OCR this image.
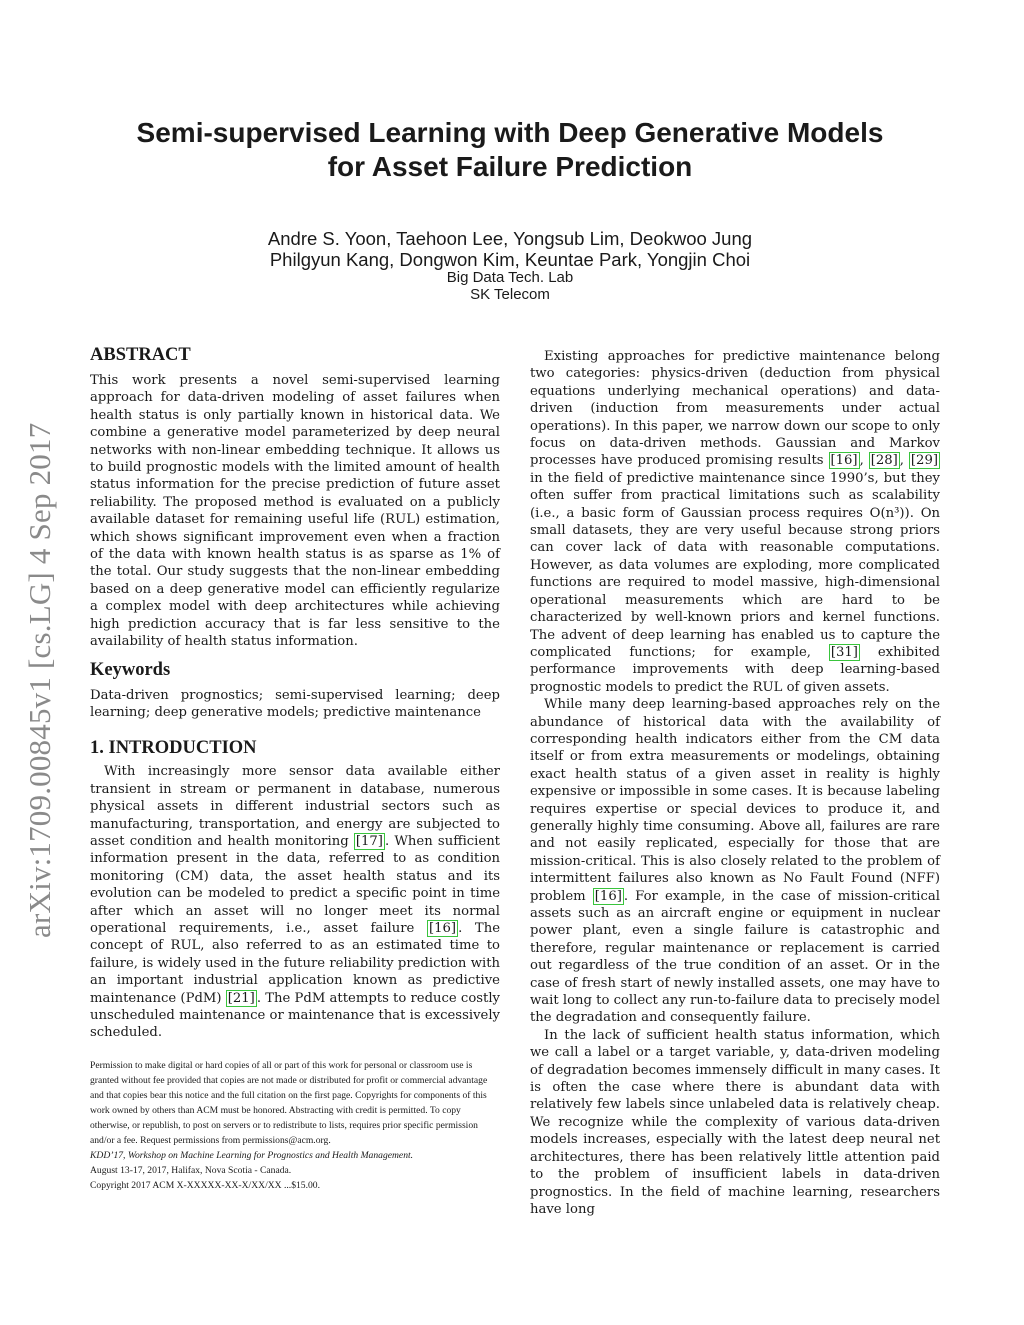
Semi-supervised Learning with Deep Generative Models
for Asset Failure Prediction
Andre S. Yoon, Taehoon Lee, Yongsub Lim, Deokwoo Jung
Philgyun Kang, Dongwon Kim, Keuntae Park, Yongjin Choi
Big Data Tech. Lab
SK Telecom
arXiv:1709.00845v1 [cs.LG] 4 Sep 2017
ABSTRACT

This work presents a novel semi-supervised learning approach for data-driven modeling of asset failures when health status is only partially known in historical data. We combine a generative model parameterized by deep neural networks with non-linear embedding technique. It allows us to build prognostic models with the limited amount of health status information for the precise prediction of future asset reliability. The proposed method is evaluated on a publicly available dataset for remaining useful life (RUL) estimation, which shows significant improvement even when a fraction of the data with known health status is as sparse as 1% of the total. Our study suggests that the non-linear embedding based on a deep generative model can efficiently regularize a complex model with deep architectures while achieving high prediction accuracy that is far less sensitive to the availability of health status information.

Keywords

Data-driven prognostics; semi-supervised learning; deep learning; deep generative models; predictive maintenance

1. INTRODUCTION

With increasingly more sensor data available either transient in stream or permanent in database, numerous physical assets in different industrial sectors such as manufacturing, transportation, and energy are subjected to asset condition and health monitoring [17] . When sufficient information present in the data, referred to as condition monitoring (CM) data, the asset health status and its evolution can be modeled to predict a specific point in time after which an asset will no longer meet its normal operational requirements, i.e., asset failure [16] . The concept of RUL, also referred to as an estimated time to failure, is widely used in the future reliability prediction with an important industrial application known as predictive maintenance (PdM) [21] . The PdM attempts to reduce costly unscheduled maintenance or maintenance that is excessively scheduled.

Permission to make digital or hard copies of all or part of this work for personal or classroom use is granted without fee provided that copies are not made or distributed for profit or commercial advantage and that copies bear this notice and the full citation on the first page. Copyrights for components of this work owned by others than ACM must be honored. Abstracting with credit is permitted. To copy otherwise, or republish, to post on servers or to redistribute to lists, requires prior specific permission and/or a fee. Request permissions from permissions@acm.org.

KDD’17, Workshop on Machine Learning for Prognostics and Health Management.

August 13-17, 2017, Halifax, Nova Scotia - Canada.

Copyright 2017 ACM X-XXXXX-XX-X/XX/XX ...$15.00.

Existing approaches for predictive maintenance belong two categories: physics-driven (deduction from physical equations underlying mechanical operations) and data-driven (induction from measurements under actual operations). In this paper, we narrow down our scope to only focus on data-driven methods. Gaussian and Markov processes have produced promising results [16] , [28] , [29] in the field of predictive maintenance since 1990’s, but they often suffer from practical limitations such as scalability (i.e., a basic form of Gaussian process requires O(n³)). On small datasets, they are very useful because strong priors can cover lack of data with reasonable computations. However, as data volumes are exploding, more complicated functions are required to model massive, high-dimensional operational measurements which are hard to be characterized by well-known priors and kernel functions. The advent of deep learning has enabled us to capture the complicated functions; for example, [31] exhibited performance improvements with deep learning-based prognostic models to predict the RUL of given assets.

While many deep learning-based approaches rely on the abundance of historical data with the availability of corresponding health indicators either from the CM data itself or from extra measurements or modelings, obtaining exact health status of a given asset in reality is highly expensive or impossible in some cases. It is because labeling requires expertise or special devices to produce it, and generally highly time consuming. Above all, failures are rare and not easily replicated, especially for those that are mission-critical. This is also closely related to the problem of intermittent failures also known as No Fault Found (NFF) problem [16] . For example, in the case of mission-critical assets such as an aircraft engine or equipment in nuclear power plant, even a single failure is catastrophic and therefore, regular maintenance or replacement is carried out regardless of the true condition of an asset. Or in the case of fresh start of newly installed assets, one may have to wait long to collect any run-to-failure data to precisely model the degradation and consequently failure.

In the lack of sufficient health status information, which we call a label or a target variable, y, data-driven modeling of degradation becomes immensely difficult in many cases. It is often the case where there is abundant data with relatively few labels since unlabeled data is relatively cheap. We recognize while the complexity of various data-driven models increases, especially with the latest deep neural net architectures, there has been relatively little attention paid to the problem of insufficient labels in data-driven prognostics. In the field of machine learning, researchers have long
